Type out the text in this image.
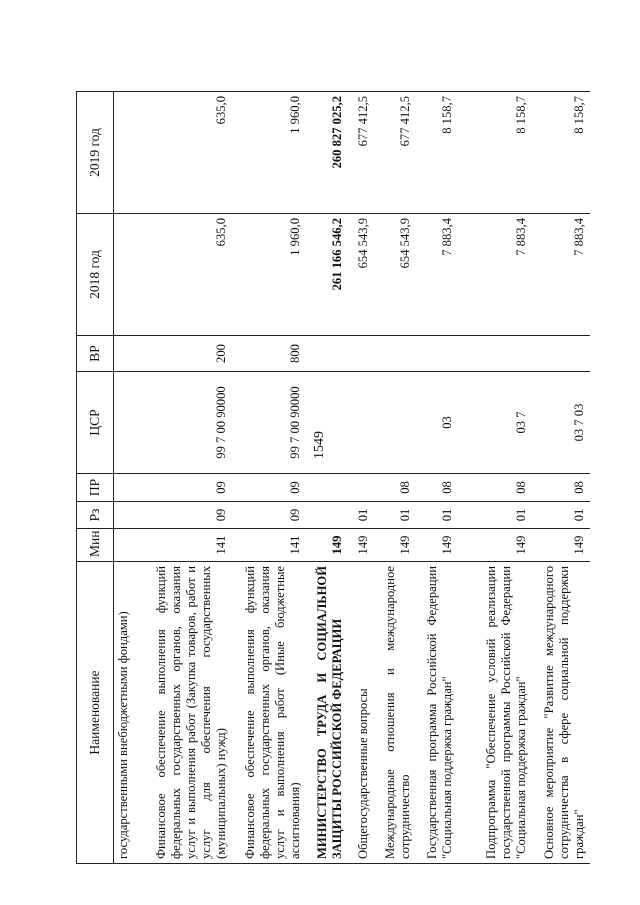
1549
Наименование	Мин	Рз	ПР	ЦСР	ВР	2018 год	2019 год
государственными внебюджетными фондами)							
Финансовое обеспечение выполнения функций федеральных государственных органов, оказания услуг и выполнения работ (Закупка товаров, работ и услуг для обеспечения государственных (муниципальных) нужд)	141	09	09	99 7 00 90000	200	635,0	635,0
Финансовое обеспечение выполнения функций федеральных государственных органов, оказания услуг и выполнения работ (Иные бюджетные ассигнования)	141	09	09	99 7 00 90000	800	1 960,0	1 960,0
МИНИСТЕРСТВО ТРУДА И СОЦИАЛЬНОЙ ЗАЩИТЫ РОССИЙСКОЙ ФЕДЕРАЦИИ	149					261 166 546,2	260 827 025,2
Общегосударственные вопросы	149	01				654 543,9	677 412,5
Международные отношения и международное сотрудничество	149	01	08			654 543,9	677 412,5
Государственная программа Российской Федерации "Социальная поддержка граждан"	149	01	08	03		7 883,4	8 158,7
Подпрограмма "Обеспечение условий реализации государственной программы Российской Федерации "Социальная поддержка граждан"	149	01	08	03 7		7 883,4	8 158,7
Основное мероприятие "Развитие международного сотрудничества в сфере социальной поддержки граждан"	149	01	08	03 7 03		7 883,4	8 158,7
